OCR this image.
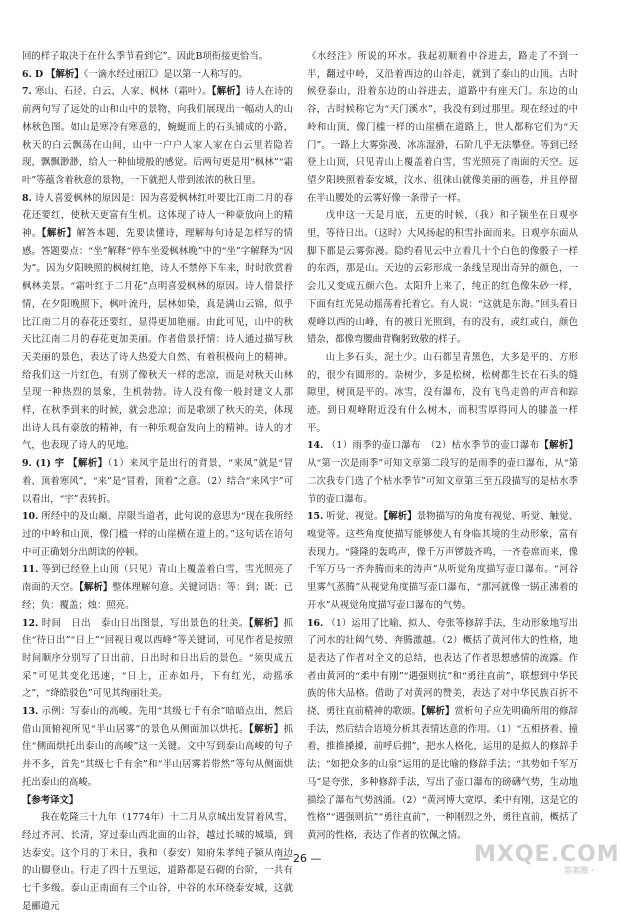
回的样子取决于在什么季节看到它”。因此B项衔接更恰当。

6. D 【解析】《一滴水经过丽江》是以第一人称写的。

7. 寒山、石径、白云、人家、枫林（霜叶）。【解析】诗人在诗的前两句写了远处的山和山中的景物，向我们展现出一幅动人的山林秋色图。如山是寒冷有寒意的，蜿蜒而上的石头铺成的小路，秋天的白云飘荡在山间，山中一户户人家人家在白云里若隐若现，飘飘渺渺，给人一种仙境般的感觉。后两句更是用“枫林”“霜叶”等蕴含着秋意的景物，一下就把人带到浓浓的秋日里。

8. 诗人喜爱枫林的原因是：因为喜爱枫林红叶要比江南二月的春花还要红，使秋天更富有生机。这体现了诗人一种豪放向上的精神。【解析】解答本题，先要读懂诗，理解每句诗是怎样写的情感。答题要点：“坐”解释“停车坐爱枫林晚”中的“坐”字解释为“因为”。因为夕阳映照的枫树红艳，诗人不禁停下车来，时时欣赏着枫林美景。“霜叶红于二月花”点明喜爱枫林的原因。诗人借景抒情，在夕阳晚照下，枫叶流丹，层林如染，真是满山云锦，似乎比江南二月的春花还要红，显得更加艳丽。由此可见，山中的秋天比江南二月的春花更加美丽。作者借景抒情：诗人通过描写秋天美丽的景色，表达了诗人热爱大自然、有着积极向上的精神。给我们这一片红色，有别了像秋天一样的悲凉，而是对秋天山林呈现一种热烈的景象，生机勃勃。诗人没有像一般封建文人那样，在秋季到来的时候，就会悲凉；而是歌颂了秋天的美，体现出诗人具有豪放的精神，有一种乐观奋发向上的精神。诗人的才气，也表现了诗人的见地。

9. (1) 宇 【解析】（1）来凤宇是出行的背景，“来凤”就是“冒着、顶着寒风”，“来”是“冒着，顶着”之意。（2）结合“来风宇”可以看出，“宇”表转折。

10. 所经中的及山巅、岸限当道者，此句说的意思为“现在我所经过的中岭和山顶，像门槛一样的山崖横在道上的。”这句话在语句中可正确划分出朗读的停顿。

11. 等到已经登上山顶（只见）青山上覆盖着白雪，雪光照亮了南面的天空。【解析】整体理解句意。关键词语：等：到；既：已经；负：覆盖；烛：照亮。

12. 时间　日出　泰山日出图景，写出景色的壮美。【解析】抓住“待日出”“日上”“回视日观以西峰”等关键词，可见作者是按照时间顺序分别写了日出前、日出时和日出后的景色。“须臾成五采”可见其变化迅速，“日上，正赤如丹，下有红光，动摇承之”，“绛皓驳色”可见其绚丽壮美。

13. 示例：写泰山的高峻。先用“其级七千有余”暗暗点出，然后借山顶俯视所见“半山居雾”的景色从侧面加以烘托。【解析】抓住“侧面烘托出泰山的高峻”这一关键。文中写到泰山高峻的句子并不多，首先“其级七千有余”和“半山居雾若带然”等句从侧面烘托出泰山的高峻。

【参考译文】

我在乾隆三十九年（1774年）十二月从京城出发冒着风雪，经过齐河、长清，穿过泰山西北面的山谷，越过长城的城墙，到达泰安。这个月的丁未日，我和（泰安）知府朱孝纯子颍从南边的山脚登山。行走了四十五里远，道路都是石砌的台阶，一共有七千多级。泰山正南面有三个山谷，中谷的水环绕泰安城，这就是郦道元

《水经注》所说的环水。我起初顺着中谷进去，路走了不到一半，翻过中岭，又沿着西边的山谷走，就到了泰山的山顶。古时候登泰山，沿着东边的山谷进去，道路中有座天门。东边的山谷，古时候称它为“天门溪水”，我没有到过那里。现在经过的中岭和山顶，像门槛一样的山崖横在道路上，世人都称它们为“天门”。一路上大雾弥漫、冰冻湿滑，石阶几乎无法攀登。等到已经登上山顶，只见青山上覆盖着白雪，雪光照亮了南面的天空。远望夕阳映照着泰安城，汶水、徂徕山就像美丽的画卷，并且停留在半山腰处的云雾好像一条带子一样。

戊申这一天是月底，五更的时候，（我）和子颍坐在日观亭里，等待日出。（这时）大风扬起的积雪扑面而来。日观亭东面从脚下都是云雾弥漫。隐约看见云中立着几十个白色的像骰子一样的东西，那是山。天边的云彩形成一条线呈现出奇异的颜色，一会儿又变成五颜六色。太阳升上来了，纯正的红色像朱砂一样，下面有红光晃动摇荡着托着它。有人说：“这就是东海。”回头看日观峰以西的山峰，有的被日光照到，有的没有，或红或白，颜色错杂，都像弯腰曲背鞠躬致敬的样子。

山上多石头，泥土少。山石都呈青黑色，大多是平的、方形的，很少有圆形的。杂树少，多是松树，松树都生长在石头的缝隙里，树顶是平的。冰雪，没有瀑布，没有飞鸟走兽的声音和踪迹。到日观峰附近没有什么树木，而积雪厚得同人的膝盖一样平。

14. （1）雨季的壶口瀑布　（2）枯水季节的壶口瀑布【解析】从“第一次是雨季”可知文章第二段写的是雨季的壶口瀑布，从“第二次我专门选了个枯水季节”可知文章第三至五段描写的是枯水季节的壶口瀑布。

15. 听觉、视觉。【解析】景物描写的角度有视觉、听觉、触觉、嗅觉等。这些角度使描写能够使人有身临其境的生动形象，富有表现力。“隆隆的轰鸣声，像千万声锣鼓齐鸣，一齐卷席而来，像千军万马一齐奔腾而来的涛声”从听觉角度描写壶口瀑布。“河谷里雾气蒸腾”从视觉角度描写壶口瀑布，“那河就像一锅正沸着的开水”从视觉角度描写壶口瀑布的气势。

16. （1）运用了比喻、拟人、夸张等修辞手法，生动形象地写出了河水的壮阔气势、奔腾激越。（2）概括了黄河伟大的性格，地是表达了作者对全文的总结，也表达了作者思想感情的流露。作者由黄河的“柔中有刚”“遇强则抗”和“勇往直前”，联想到中华民族的伟大品格。借助了对黄河的赞美，表达了对中华民族百折不挠、勇往直前精神的歌颂。【解析】赏析句子应先明确所用的修辞手法，然后结合语境分析其表情达意的作用。（1）“五相挤着、撞着，推推搡搡，前呼后拥”，把水人格化，运用的是拟人的修辞手法；“如把众多的山泉”运用的是比喻的修辞手法；“其势如千军万马”是夸张，多种修辞手法，写出了壶口瀑布的磅礴气势，生动地描绘了瀑布气势汹涌。（2）“黄河博大宽厚，柔中有刚，这是它的性格”“遇强则抗”“勇往直前”，一种刚烈之外，勇往直前，概括了黄河的性格，表达了作者的钦佩之情。

— 26 —	MXQE.COM
答案圈 ·
